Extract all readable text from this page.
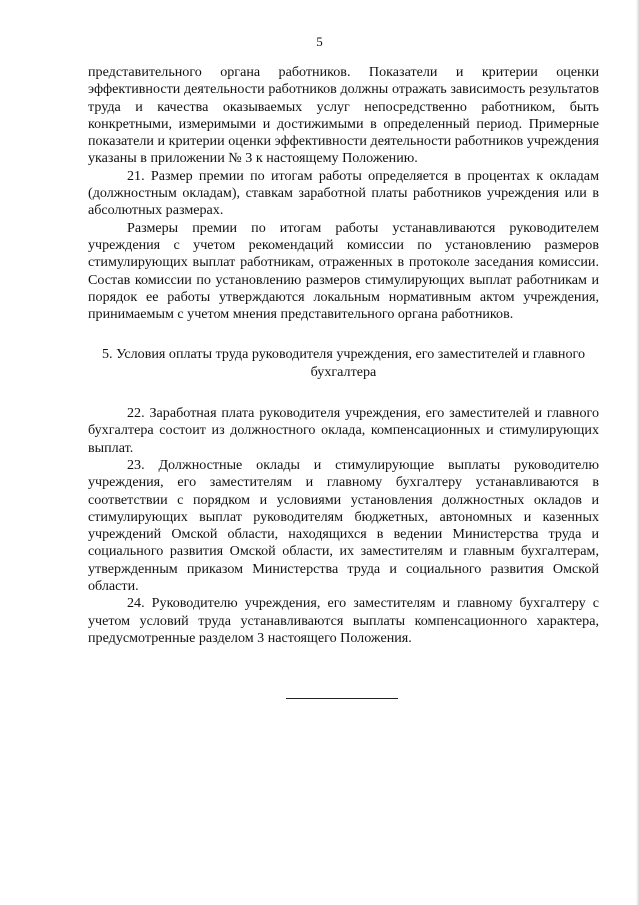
5

представительного органа работников. Показатели и критерии оценки эффективности деятельности работников должны отражать зависимость результатов труда и качества оказываемых услуг непосредственно работником, быть конкретными, измеримыми и достижимыми в определенный период. Примерные показатели и критерии оценки эффективности деятельности работников учреждения указаны в приложении № 3 к настоящему Положению.

21. Размер премии по итогам работы определяется в процентах к окладам (должностным окладам), ставкам заработной платы работников учреждения или в абсолютных размерах.

Размеры премии по итогам работы устанавливаются руководителем учреждения с учетом рекомендаций комиссии по установлению размеров стимулирующих выплат работникам, отраженных в протоколе заседания комиссии. Состав комиссии по установлению размеров стимулирующих выплат работникам и порядок ее работы утверждаются локальным нормативным актом учреждения, принимаемым с учетом мнения представительного органа работников.

5. Условия оплаты труда руководителя учреждения, его заместителей и главного бухгалтера

22. Заработная плата руководителя учреждения, его заместителей и главного бухгалтера состоит из должностного оклада, компенсационных и стимулирующих выплат.

23. Должностные оклады и стимулирующие выплаты руководителю учреждения, его заместителям и главному бухгалтеру устанавливаются в соответствии с порядком и условиями установления должностных окладов и стимулирующих выплат руководителям бюджетных, автономных и казенных учреждений Омской области, находящихся в ведении Министерства труда и социального развития Омской области, их заместителям и главным бухгалтерам, утвержденным приказом Министерства труда и социального развития Омской области.

24. Руководителю учреждения, его заместителям и главному бухгалтеру с учетом условий труда устанавливаются выплаты компенсационного характера, предусмотренные разделом 3 настоящего Положения.
